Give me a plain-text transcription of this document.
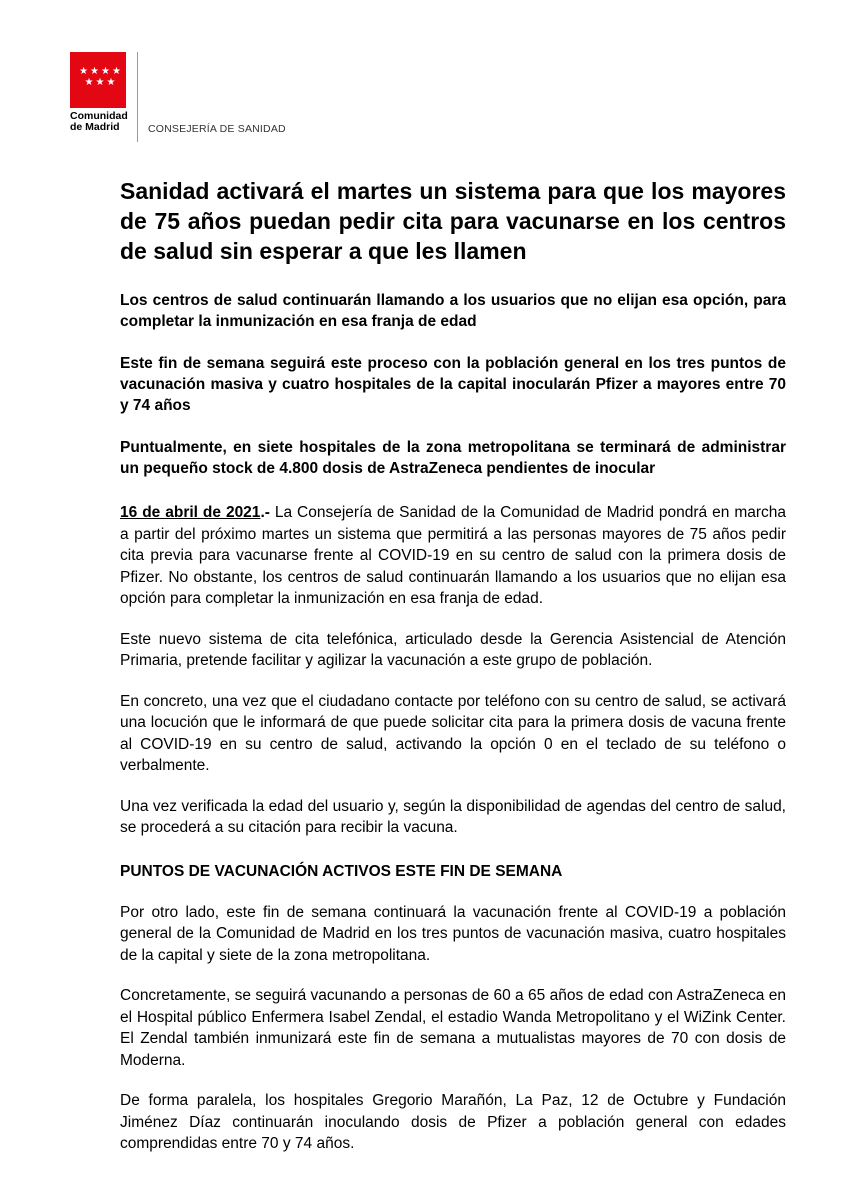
★ ★ ★ ★
★ ★ ★
Comunidad
de Madrid	CONSEJERÍA DE SANIDAD
Sanidad activará el martes un sistema para que los mayores de 75 años puedan pedir cita para vacunarse en los centros de salud sin esperar a que les llamen

Los centros de salud continuarán llamando a los usuarios que no elijan esa opción, para completar la inmunización en esa franja de edad

Este fin de semana seguirá este proceso con la población general en los tres puntos de vacunación masiva y cuatro hospitales de la capital inocularán Pfizer a mayores entre 70 y 74 años

Puntualmente, en siete hospitales de la zona metropolitana se terminará de administrar un pequeño stock de 4.800 dosis de AstraZeneca pendientes de inocular

16 de abril de 2021.- La Consejería de Sanidad de la Comunidad de Madrid pondrá en marcha a partir del próximo martes un sistema que permitirá a las personas mayores de 75 años pedir cita previa para vacunarse frente al COVID-19 en su centro de salud con la primera dosis de Pfizer. No obstante, los centros de salud continuarán llamando a los usuarios que no elijan esa opción para completar la inmunización en esa franja de edad.

Este nuevo sistema de cita telefónica, articulado desde la Gerencia Asistencial de Atención Primaria, pretende facilitar y agilizar la vacunación a este grupo de población.

En concreto, una vez que el ciudadano contacte por teléfono con su centro de salud, se activará una locución que le informará de que puede solicitar cita para la primera dosis de vacuna frente al COVID-19 en su centro de salud, activando la opción 0 en el teclado de su teléfono o verbalmente.

Una vez verificada la edad del usuario y, según la disponibilidad de agendas del centro de salud, se procederá a su citación para recibir la vacuna.

PUNTOS DE VACUNACIÓN ACTIVOS ESTE FIN DE SEMANA

Por otro lado, este fin de semana continuará la vacunación frente al COVID-19 a población general de la Comunidad de Madrid en los tres puntos de vacunación masiva, cuatro hospitales de la capital y siete de la zona metropolitana.

Concretamente, se seguirá vacunando a personas de 60 a 65 años de edad con AstraZeneca en el Hospital público Enfermera Isabel Zendal, el estadio Wanda Metropolitano y el WiZink Center. El Zendal también inmunizará este fin de semana a mutualistas mayores de 70 con dosis de Moderna.

De forma paralela, los hospitales Gregorio Marañón, La Paz, 12 de Octubre y Fundación Jiménez Díaz continuarán inoculando dosis de Pfizer a población general con edades comprendidas entre 70 y 74 años.
